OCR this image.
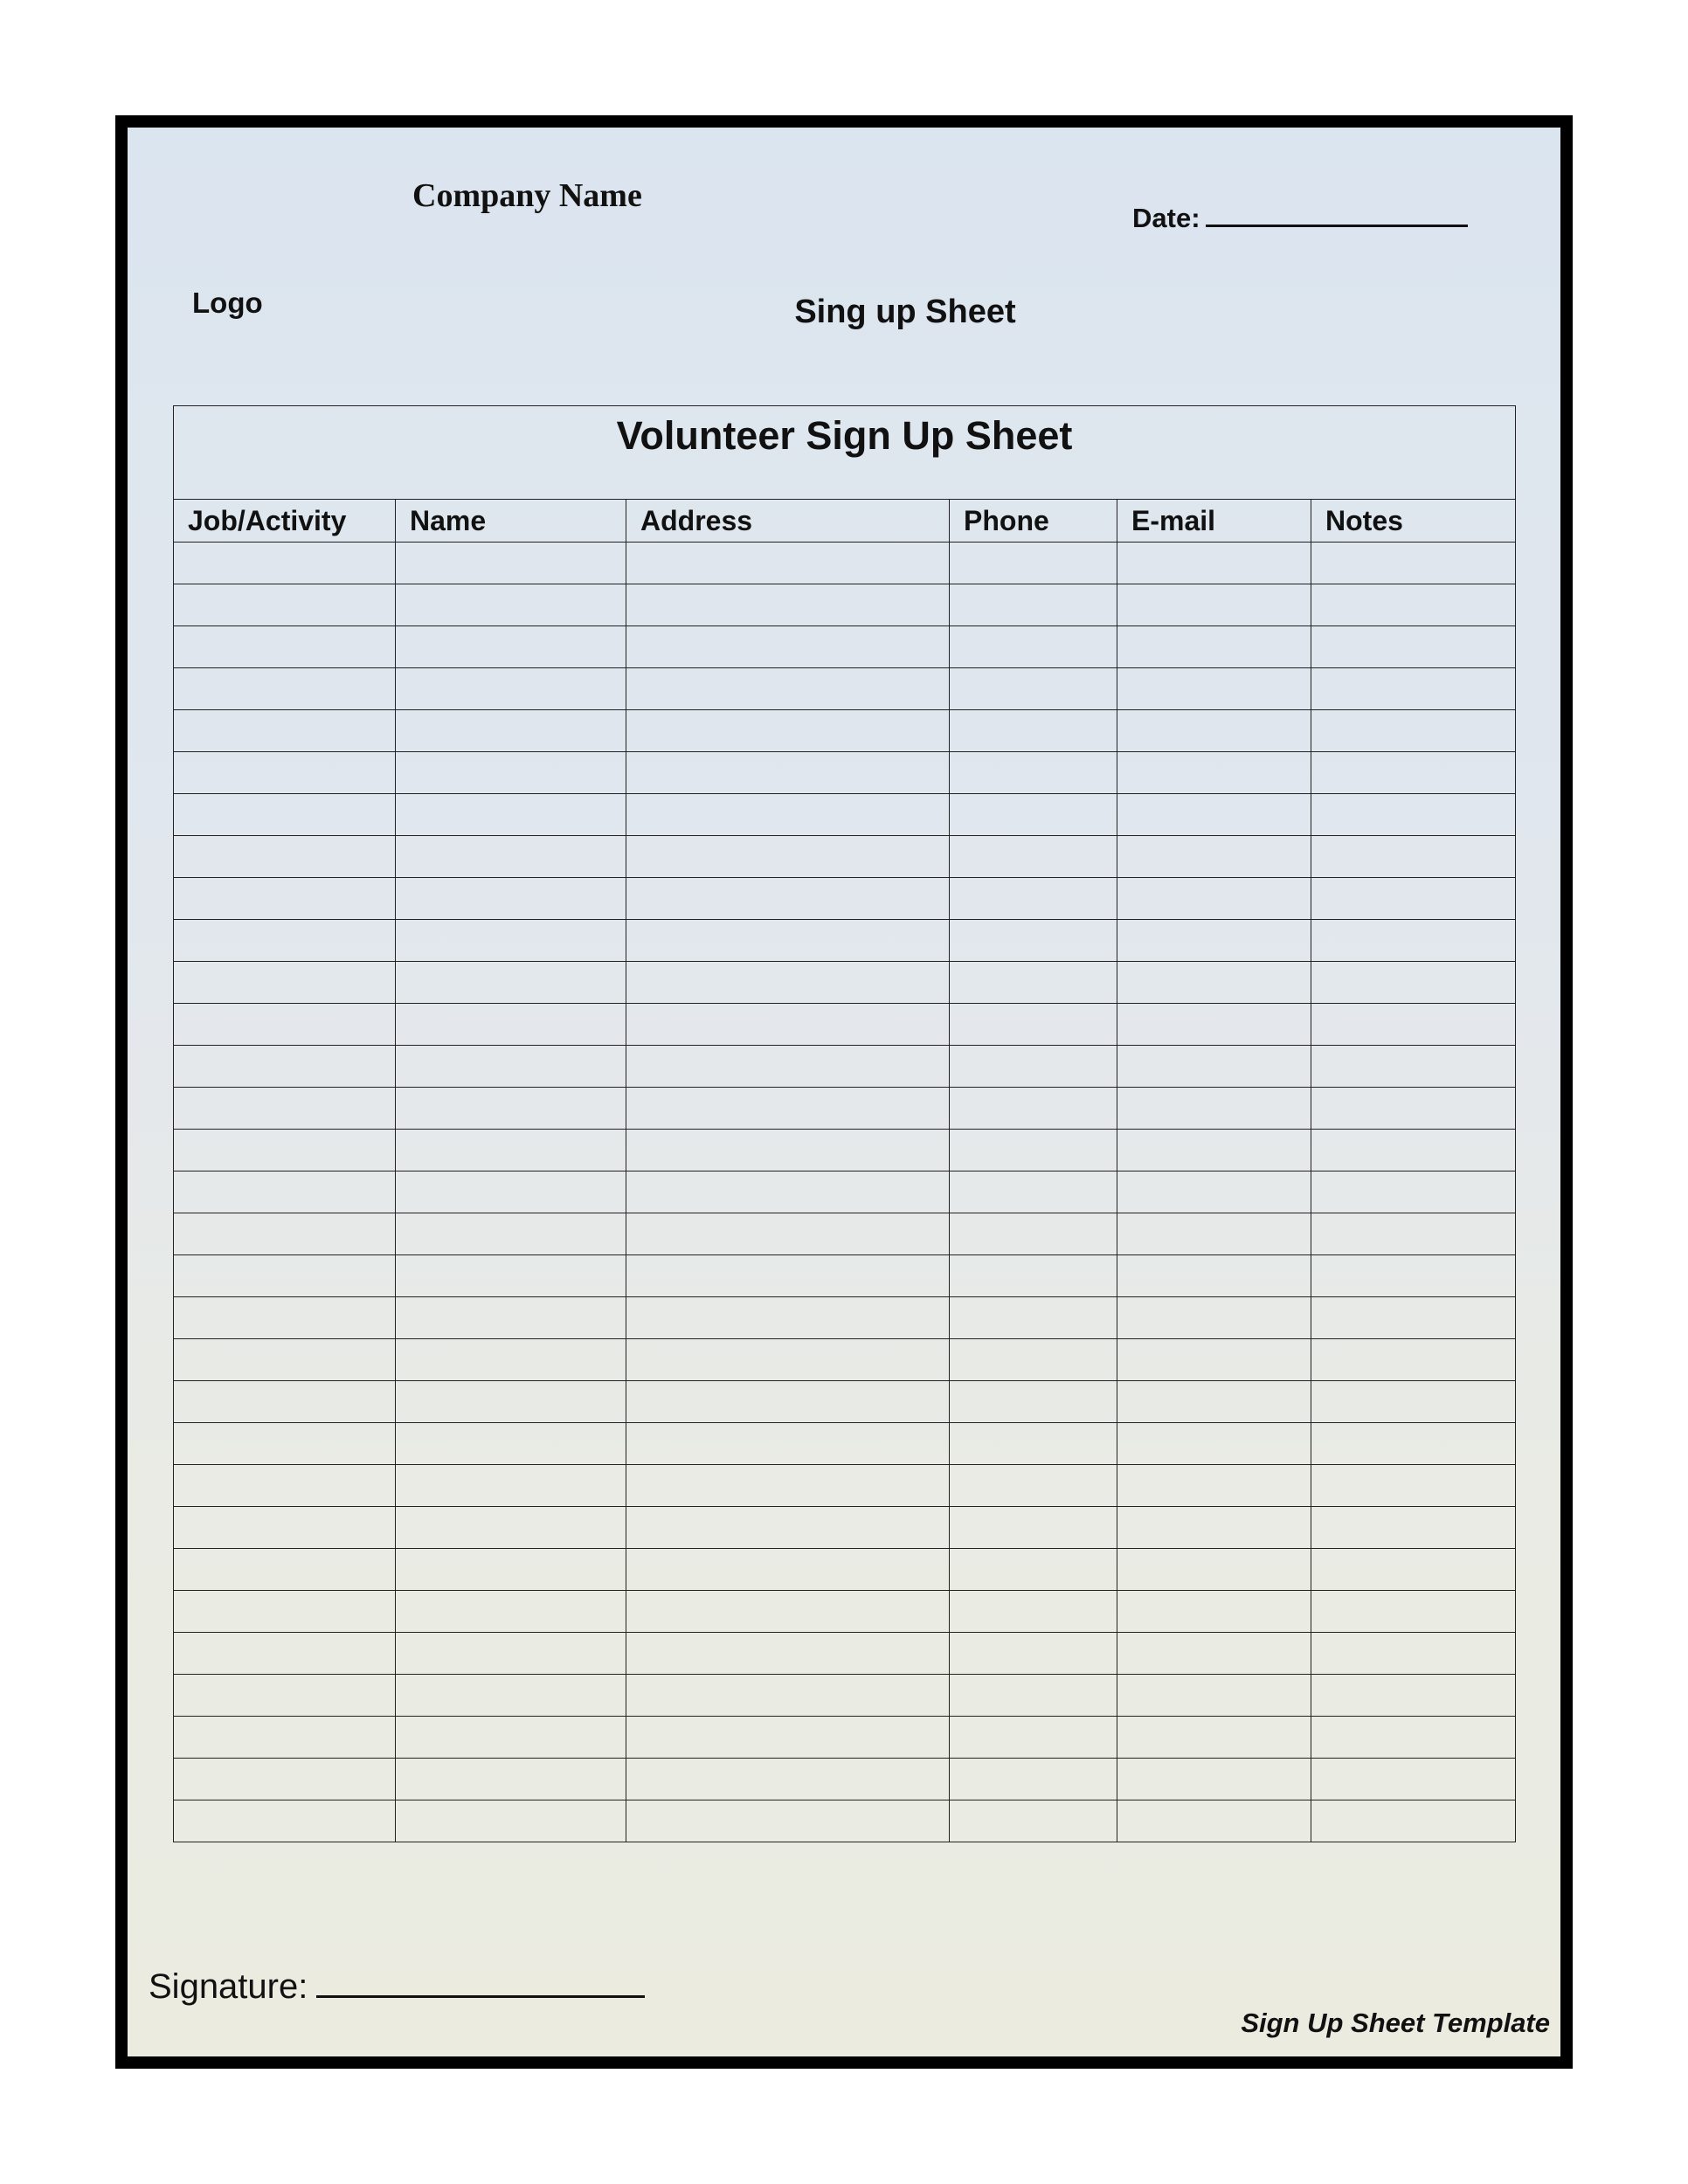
Company Name
Date:
Logo	Sing up Sheet
Volunteer Sign Up Sheet					
Job/Activity	Name	Address	Phone	E-mail	Notes

Signature:
Sign Up Sheet Template
